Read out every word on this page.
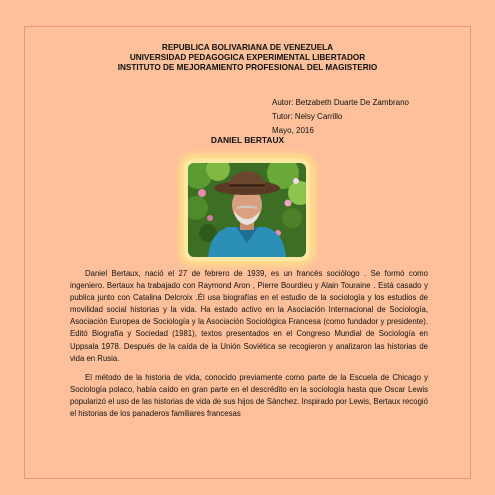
REPUBLICA BOLIVARIANA DE VENEZUELA
UNIVERSIDAD PEDAGOGICA EXPERIMENTAL LIBERTADOR
INSTITUTO DE MEJORAMIENTO PROFESIONAL DEL MAGISTERIO
Autor: Betzabeth Duarte De Zambrano
Tutor: Nelsy Carrillo
Mayo, 2016
DANIEL BERTAUX

Daniel Bertaux, nació el 27 de febrero de 1939, es un francés sociólogo . Se formó como ingeniero. Bertaux ha trabajado con Raymond Aron , Pierre Bourdieu y Alain Touraine . Está casado y publica junto con Catalina Delcroix .Él usa biografías en el estudio de la sociología y los estudios de movilidad social historias y la vida. Ha estado activo en la Asociación Internacional de Sociología, Asociación Europea de Sociología y la Asociación Sociológica Francesa (como fundador y presidente). Editó Biografía y Sociedad (1981), textos presentados en el Congreso Mundial de Sociología en Uppsala 1978. Después de la caída de la Unión Soviética se recogieron y analizaron las historias de vida en Rusia.

El método de la historia de vida, conocido previamente como parte de la Escuela de Chicago y Sociología polaco, había caído en gran parte en el descrédito en la sociología hasta que Oscar Lewis popularizó el uso de las historias de vida de sus hijos de Sánchez. Inspirado por Lewis, Bertaux recogió el historias de los panaderos familiares francesas
